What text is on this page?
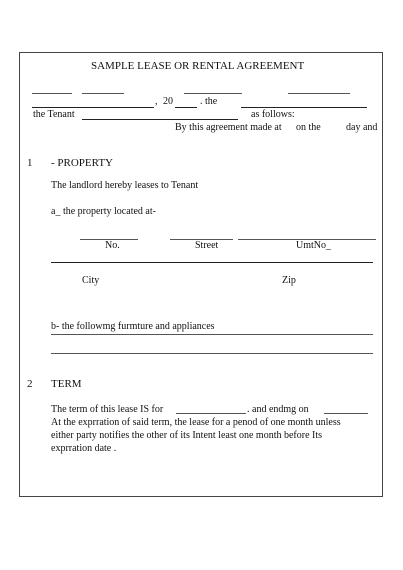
SAMPLE LEASE OR RENTAL AGREEMENT
, 20	. the
the Tenant	as follows:
By this agreement made at on the	day and
1 - PROPERTY
The landlord hereby leases to Tenant
a_ the property located at-
No.	Street	UmtNo_
City	Zip
b- the followmg furmture and appliances
2 TERM
The term of this lease IS for	. and endmg on
At the exprration of said term, the lease for a penod of one month unless
either party notifies the other of its Intent least one month before Its
exprration date .
